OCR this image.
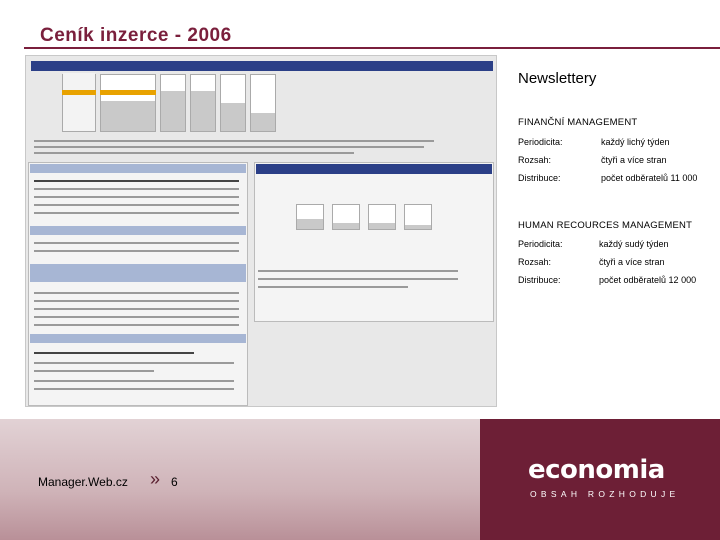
Ceník inzerce - 2006
Newslettery
FINANČNÍ MANAGEMENT
Periodicita:	každý lichý týden
Rozsah:	čtyři a více stran
Distribuce:	počet odběratelů 11 000
HUMAN RECOURCES MANAGEMENT
Periodicita:	každý sudý týden
Rozsah:	čtyři a více stran
Distribuce:	počet odběratelů 12 000
Manager.Web.cz » 6	economia
OBSAH ROZHODUJE
